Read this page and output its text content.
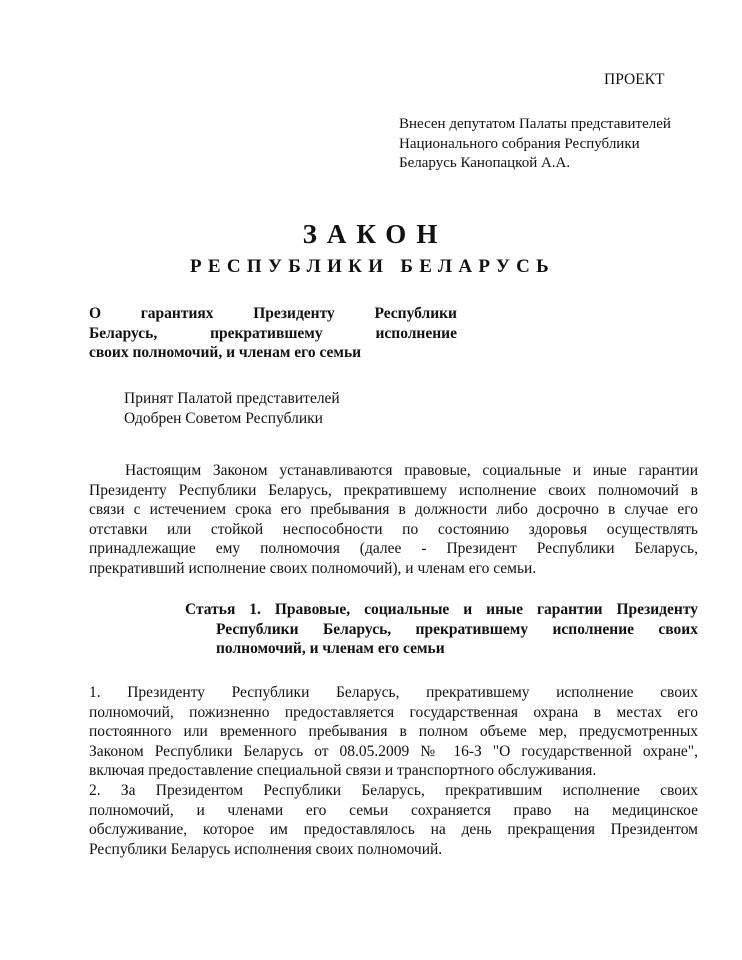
ПРОЕКТ
Внесен депутатом Палаты представителей
Национального собрания Республики
Беларусь Канопацкой А.А.
ЗАКОН
РЕСПУБЛИКИ БЕЛАРУСЬ
О гарантиях Президенту Республики
Беларусь, прекратившему исполнение
своих полномочий, и членам его семьи
Принят Палатой представителей
Одобрен Советом Республики
Настоящим Законом устанавливаются правовые, социальные и иные гарантии
Президенту Республики Беларусь, прекратившему исполнение своих полномочий в
связи с истечением срока его пребывания в должности либо досрочно в случае его
отставки или стойкой неспособности по состоянию здоровья осуществлять
принадлежащие ему полномочия (далее - Президент Республики Беларусь,
прекративший исполнение своих полномочий), и членам его семьи.
Статья 1. Правовые, социальные и иные гарантии Президенту
Республики Беларусь, прекратившему исполнение своих
полномочий, и членам его семьи
1. Президенту Республики Беларусь, прекратившему исполнение своих
полномочий, пожизненно предоставляется государственная охрана в местах его
постоянного или временного пребывания в полном объеме мер, предусмотренных
Законом Республики Беларусь от 08.05.2009 № 16-З "О государственной охране",
включая предоставление специальной связи и транспортного обслуживания.
2. За Президентом Республики Беларусь, прекратившим исполнение своих
полномочий, и членами его семьи сохраняется право на медицинское
обслуживание, которое им предоставлялось на день прекращения Президентом
Республики Беларусь исполнения своих полномочий.
